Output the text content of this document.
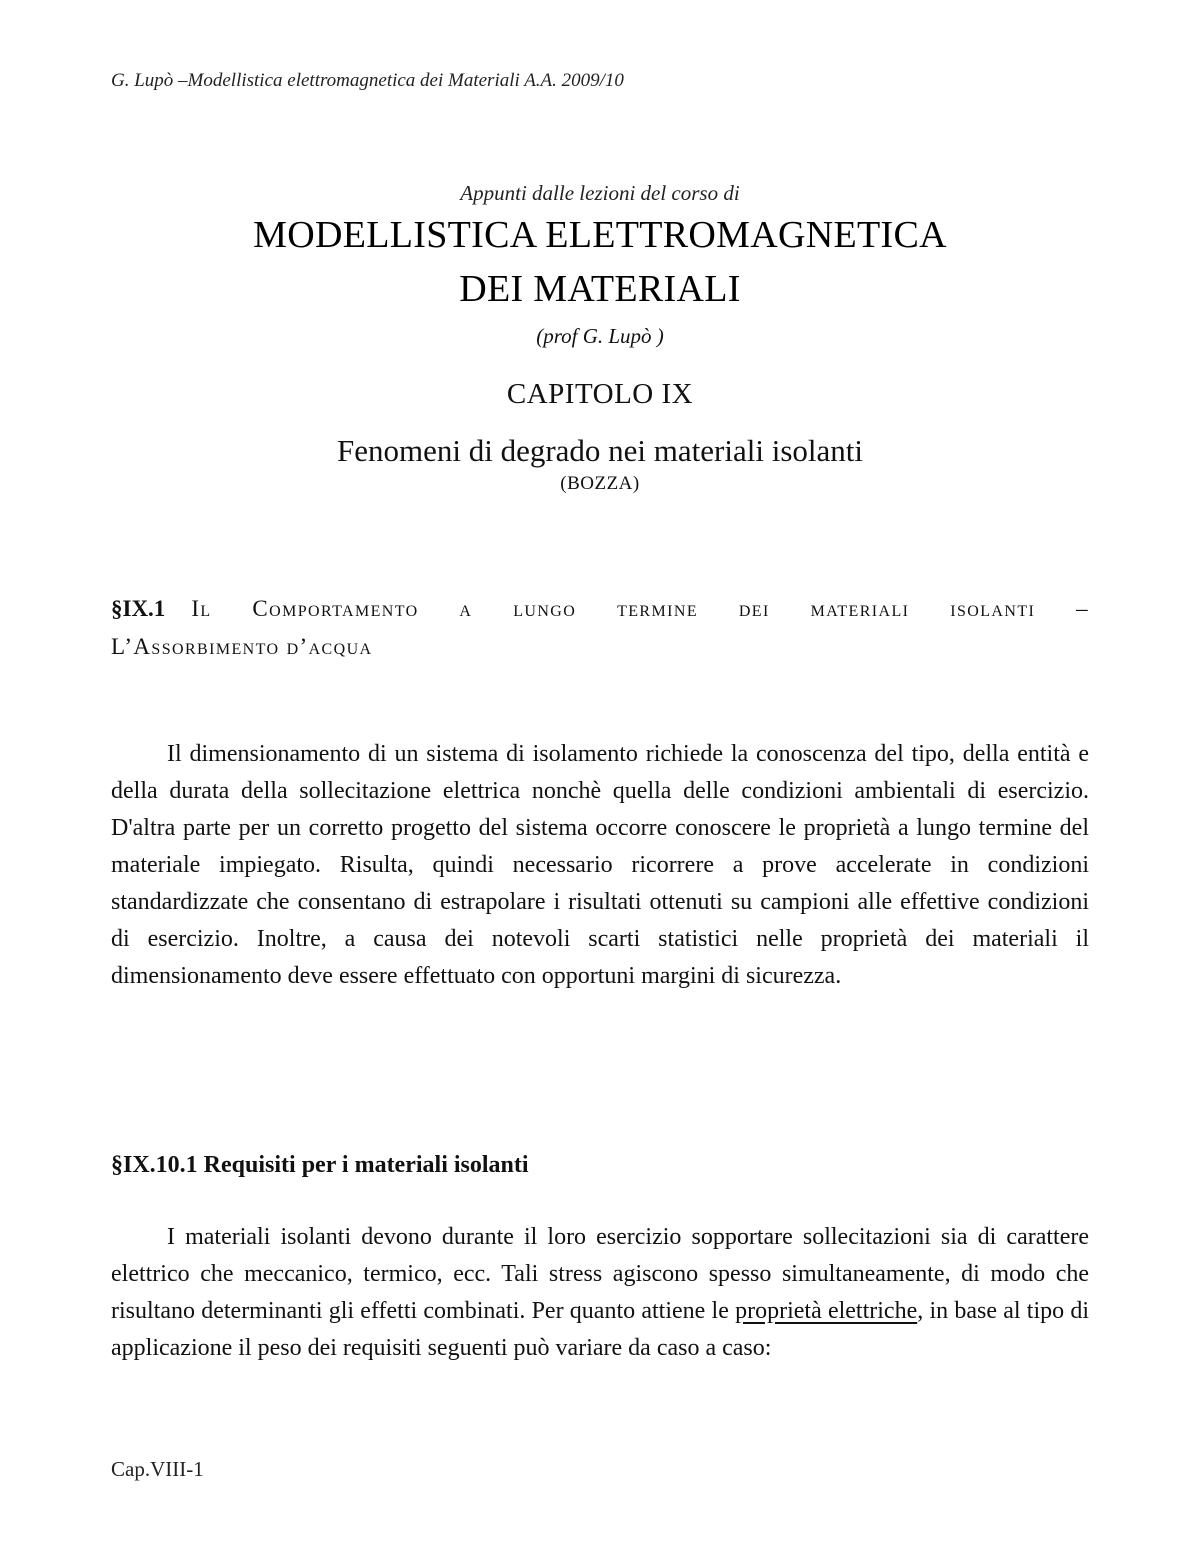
G. Lupò –Modellistica elettromagnetica dei Materiali A.A. 2009/10
Appunti dalle lezioni del corso di
MODELLISTICA ELETTROMAGNETICA
DEI MATERIALI
(prof G. Lupò )
CAPITOLO IX
Fenomeni di degrado nei materiali isolanti
(BOZZA)
§IX.1 Il Comportamento a lungo termine dei materiali isolanti –
L’Assorbimento d’acqua
Il dimensionamento di un sistema di isolamento richiede la conoscenza del tipo, della entità e della durata della sollecitazione elettrica nonchè quella delle condizioni ambientali di esercizio. D'altra parte per un corretto progetto del sistema occorre conoscere le proprietà a lungo termine del materiale impiegato. Risulta, quindi necessario ricorrere a prove accelerate in condizioni standardizzate che consentano di estrapolare i risultati ottenuti su campioni alle effettive condizioni di esercizio. Inoltre, a causa dei notevoli scarti statistici nelle proprietà dei materiali il dimensionamento deve essere effettuato con opportuni margini di sicurezza.
§IX.10.1 Requisiti per i materiali isolanti
I materiali isolanti devono durante il loro esercizio sopportare sollecitazioni sia di carattere elettrico che meccanico, termico, ecc. Tali stress agiscono spesso simultaneamente, di modo che risultano determinanti gli effetti combinati. Per quanto attiene le proprietà elettriche, in base al tipo di applicazione il peso dei requisiti seguenti può variare da caso a caso:
Cap.VIII-1
